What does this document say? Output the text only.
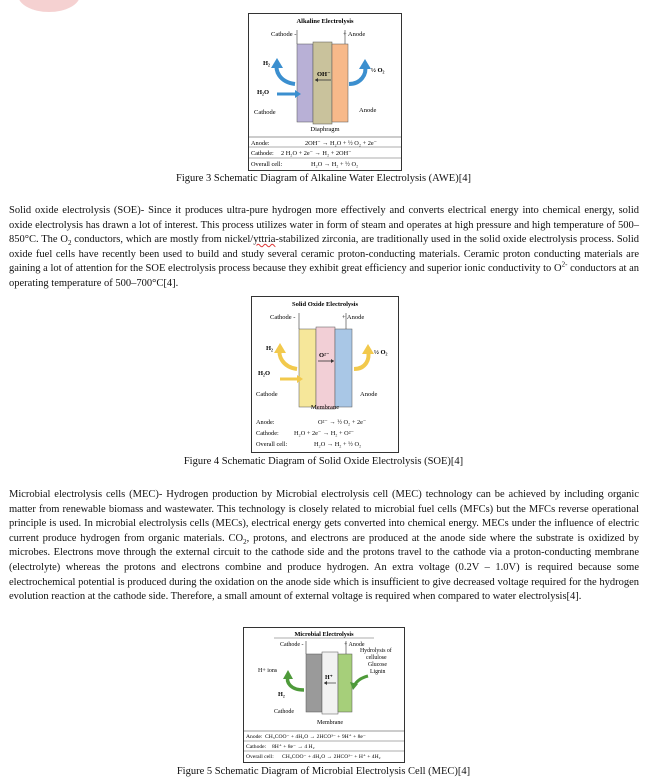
Alkaline Electrolysis
Cathode -	+ Anode
OH⁻
H₂
H₂O
½ O₂
Cathode	Anode
Diaphragm
Anode:	2OH⁻ → H₂O + ½ O₂ + 2e⁻
Cathode: 2 H₂O + 2e⁻ → H₂ + 2OH⁻
Overall cell:	H₂O → H₂ + ½ O₂
Figure 3 Schematic Diagram of Alkaline Water Electrolysis (AWE)[4]

Solid oxide electrolysis (SOE)- Since it produces ultra-pure hydrogen more effectively and converts electrical energy into chemical energy, solid oxide electrolysis has drawn a lot of interest. This process utilizes water in form of steam and operates at high pressure and high temperature of 500–850°C. The $O_2$ conductors, which are mostly from nickel/yttria-stabilized zirconia, are traditionally used in the solid oxide electrolysis process. Solid oxide fuel cells have recently been used to build and study several ceramic proton-conducting materials. Ceramic proton conducting materials are gaining a lot of attention for the SOE electrolysis process because they exhibit great efficiency and superior ionic conductivity to $O^{2-}$ conductors at an operating temperature of 500–700°C[4].

Solid Oxide Electrolysis
Cathode -	+ Anode
O²⁻
H₂
H₂O
½ O₂
Cathode	Anode
Membrane
Anode:	O²⁻ → ½ O₂ + 2e⁻
Cathode: H₂O + 2e⁻ → H₂ + O²⁻
Overall cell:	H₂O → H₂ + ½ O₂
Figure 4 Schematic Diagram of Solid Oxide Electrolysis (SOE)[4]

Microbial electrolysis cells (MEC)- Hydrogen production by Microbial electrolysis cell (MEC) technology can be achieved by including organic matter from renewable biomass and wastewater. This technology is closely related to microbial fuel cells (MFCs) but the MFCs reverse operational principle is used. In microbial electrolysis cells (MECs), electrical energy gets converted into chemical energy. MECs under the influence of electric current produce hydrogen from organic materials. $CO_2$, protons, and electrons are produced at the anode side where the substrate is oxidized by microbes. Electrons move through the external circuit to the cathode side and the protons travel to the cathode via a proton-conducting membrane (electrolyte) whereas the protons and electrons combine and produce hydrogen. An extra voltage (0.2V – 1.0V) is required because some electrochemical potential is produced during the oxidation on the anode side which is insufficient to give decreased voltage required for the hydrogen evolution reaction at the cathode side. Therefore, a small amount of external voltage is required when compared to water electrolysis[4].

Microbial Electrolysis
Cathode -	+ Anode
H⁺
H+ ions
H₂
Hydrolysis of
cellulose
Glucose
Lignin
Cathode
Membrane
Anode: CH₃COO⁻ + 4H₂O → 2HCO³⁻ + 9H⁺ + 8e⁻
Cathode: 8H⁺ + 8e⁻ → 4 H₂
Overall cell: CH₃COO⁻ + 4H₂O → 2HCO³⁻ + H⁺ + 4H₂
Figure 5 Schematic Diagram of Microbial Electrolysis Cell (MEC)[4]
